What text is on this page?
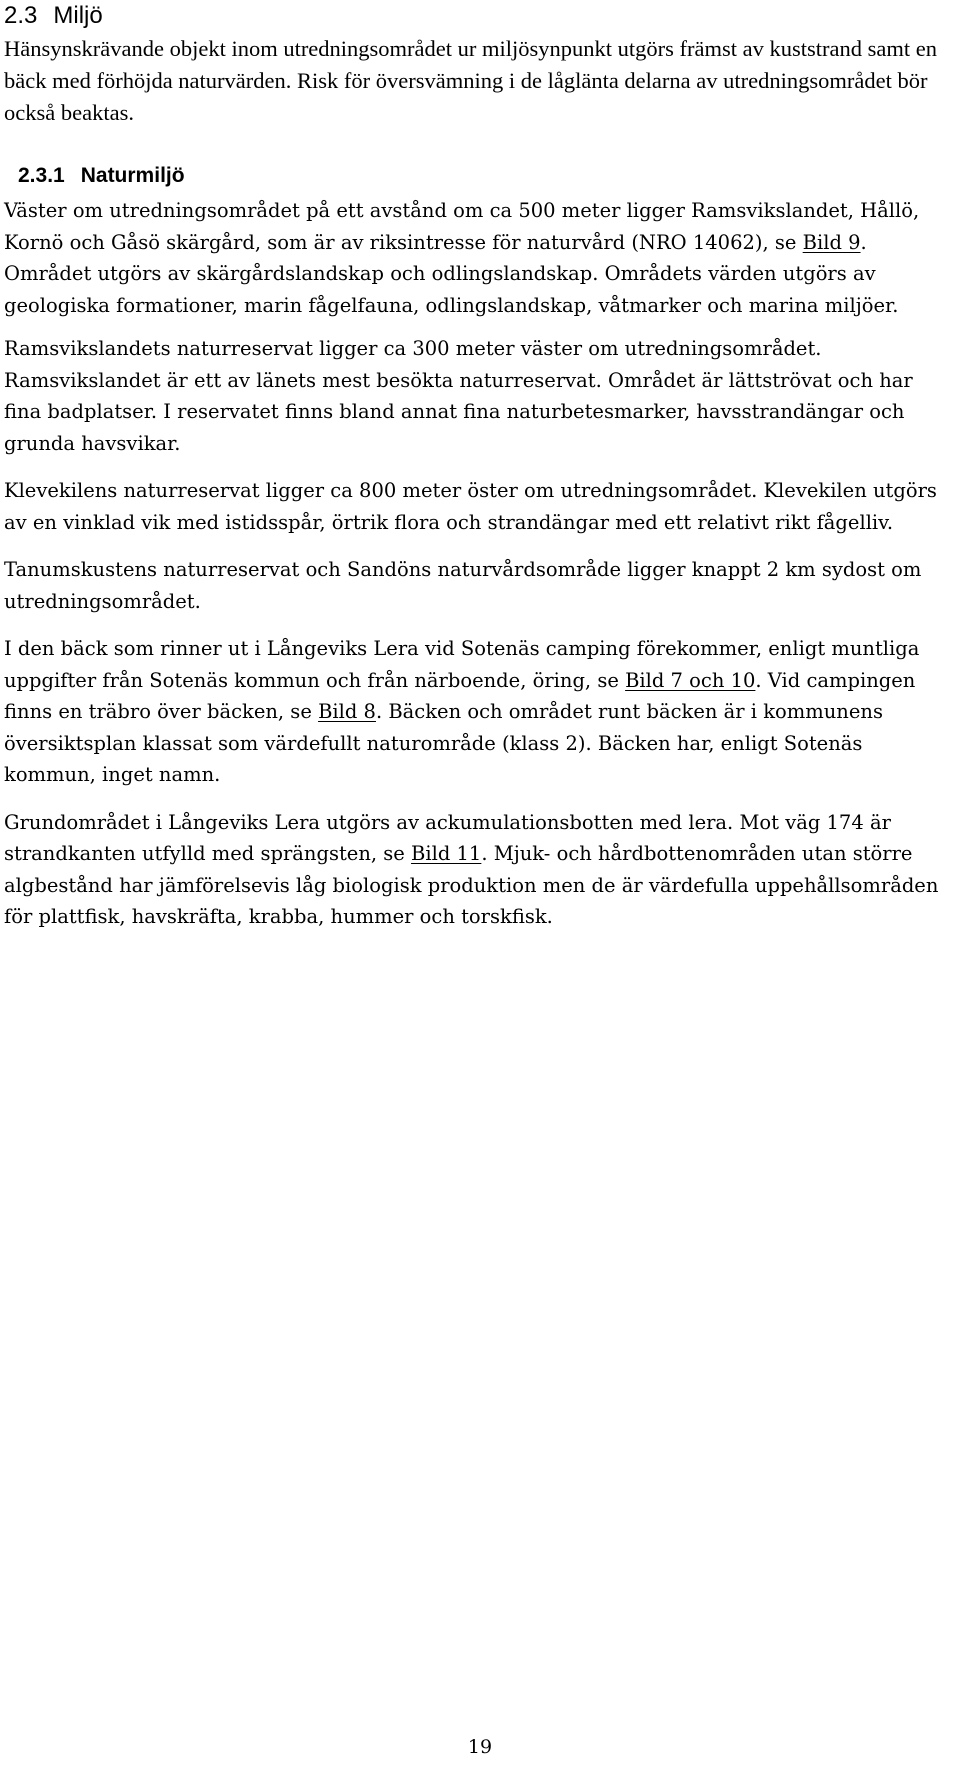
2.3 Miljö

Hänsynskrävande objekt inom utredningsområdet ur miljösynpunkt utgörs främst av kuststrand samt en bäck med förhöjda naturvärden. Risk för översvämning i de låglänta delarna av utredningsområdet bör också beaktas.

2.3.1 Naturmiljö

Väster om utredningsområdet på ett avstånd om ca 500 meter ligger Ramsvikslandet, Hållö, Kornö och Gåsö skärgård, som är av riksintresse för naturvård (NRO 14062), se Bild 9. Området utgörs av skärgårdslandskap och odlingslandskap. Områdets värden utgörs av geologiska formationer, marin fågelfauna, odlingslandskap, våtmarker och marina miljöer.

Ramsvikslandets naturreservat ligger ca 300 meter väster om utredningsområdet. Ramsvikslandet är ett av länets mest besökta naturreservat. Området är lättströvat och har fina badplatser. I reservatet finns bland annat fina naturbetesmarker, havsstrandängar och grunda havsvikar.

Klevekilens naturreservat ligger ca 800 meter öster om utredningsområdet. Klevekilen utgörs av en vinklad vik med istidsspår, örtrik flora och strandängar med ett relativt rikt fågelliv.

Tanumskustens naturreservat och Sandöns naturvårdsområde ligger knappt 2 km sydost om utredningsområdet.

I den bäck som rinner ut i Långeviks Lera vid Sotenäs camping förekommer, enligt muntliga uppgifter från Sotenäs kommun och från närboende, öring, se Bild 7 och 10. Vid campingen finns en träbro över bäcken, se Bild 8. Bäcken och området runt bäcken är i kommunens översiktsplan klassat som värdefullt naturområde (klass 2). Bäcken har, enligt Sotenäs kommun, inget namn.

Grundområdet i Långeviks Lera utgörs av ackumulationsbotten med lera. Mot väg 174 är strandkanten utfylld med sprängsten, se Bild 11. Mjuk- och hårdbottenområden utan större algbestånd har jämförelsevis låg biologisk produktion men de är värdefulla uppehållsområden för plattfisk, havskräfta, krabba, hummer och torskfisk.

19
